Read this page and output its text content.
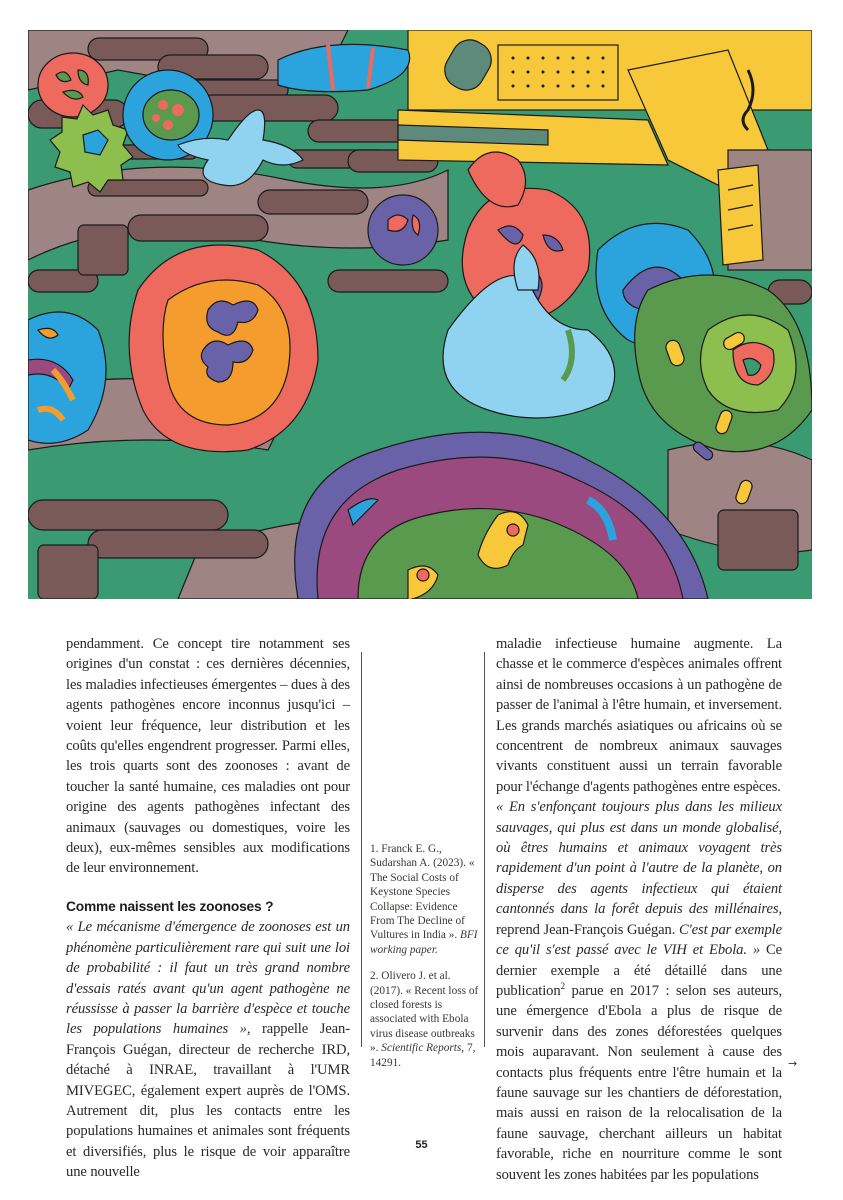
pendamment. Ce concept tire notamment ses origines d'un constat : ces dernières décennies, les maladies infectieuses émergentes – dues à des agents pathogènes encore inconnus jusqu'ici – voient leur fréquence, leur distribution et les coûts qu'elles engendrent progresser. Parmi elles, les trois quarts sont des zoonoses : avant de toucher la santé humaine, ces maladies ont pour origine des agents pathogènes infectant des animaux (sauvages ou domestiques, voire les deux), eux-mêmes sensibles aux modifications de leur environnement.

Comme naissent les zoonoses ?

« Le mécanisme d'émergence de zoonoses est un phénomène particulièrement rare qui suit une loi de probabilité : il faut un très grand nombre d'essais ratés avant qu'un agent pathogène ne réussisse à passer la barrière d'espèce et touche les populations humaines », rappelle Jean-François Guégan, directeur de recherche IRD, détaché à INRAE, travaillant à l'UMR MIVEGEC, également expert auprès de l'OMS. Autrement dit, plus les contacts entre les populations humaines et animales sont fréquents et diversifiés, plus le risque de voir apparaître une nouvelle

1. Franck E. G., Sudarshan A. (2023). « The Social Costs of Keystone Species Collapse: Evidence From The Decline of Vultures in India ». BFI working paper.

2. Olivero J. et al. (2017). « Recent loss of closed forests is associated with Ebola virus disease outbreaks ». Scientific Reports, 7, 14291.

maladie infectieuse humaine augmente. La chasse et le commerce d'espèces animales offrent ainsi de nombreuses occasions à un pathogène de passer de l'animal à l'être humain, et inversement. Les grands marchés asiatiques ou africains où se concentrent de nombreux animaux sauvages vivants constituent aussi un terrain favorable pour l'échange d'agents pathogènes entre espèces.

« En s'enfonçant toujours plus dans les milieux sauvages, qui plus est dans un monde globalisé, où êtres humains et animaux voyagent très rapidement d'un point à l'autre de la planète, on disperse des agents infectieux qui étaient cantonnés dans la forêt depuis des millénaires, reprend Jean-François Guégan. C'est par exemple ce qu'il s'est passé avec le VIH et Ebola. » Ce dernier exemple a été détaillé dans une publication$^2$ parue en 2017 : selon ses auteurs, une émergence d'Ebola a plus de risque de survenir dans des zones déforestées quelques mois auparavant. Non seulement à cause des contacts plus fréquents entre l'être humain et la faune sauvage sur les chantiers de déforestation, mais aussi en raison de la relocalisation de la faune sauvage, cherchant ailleurs un habitat favorable, riche en nourriture comme le sont souvent les zones habitées par les populations

→
55
